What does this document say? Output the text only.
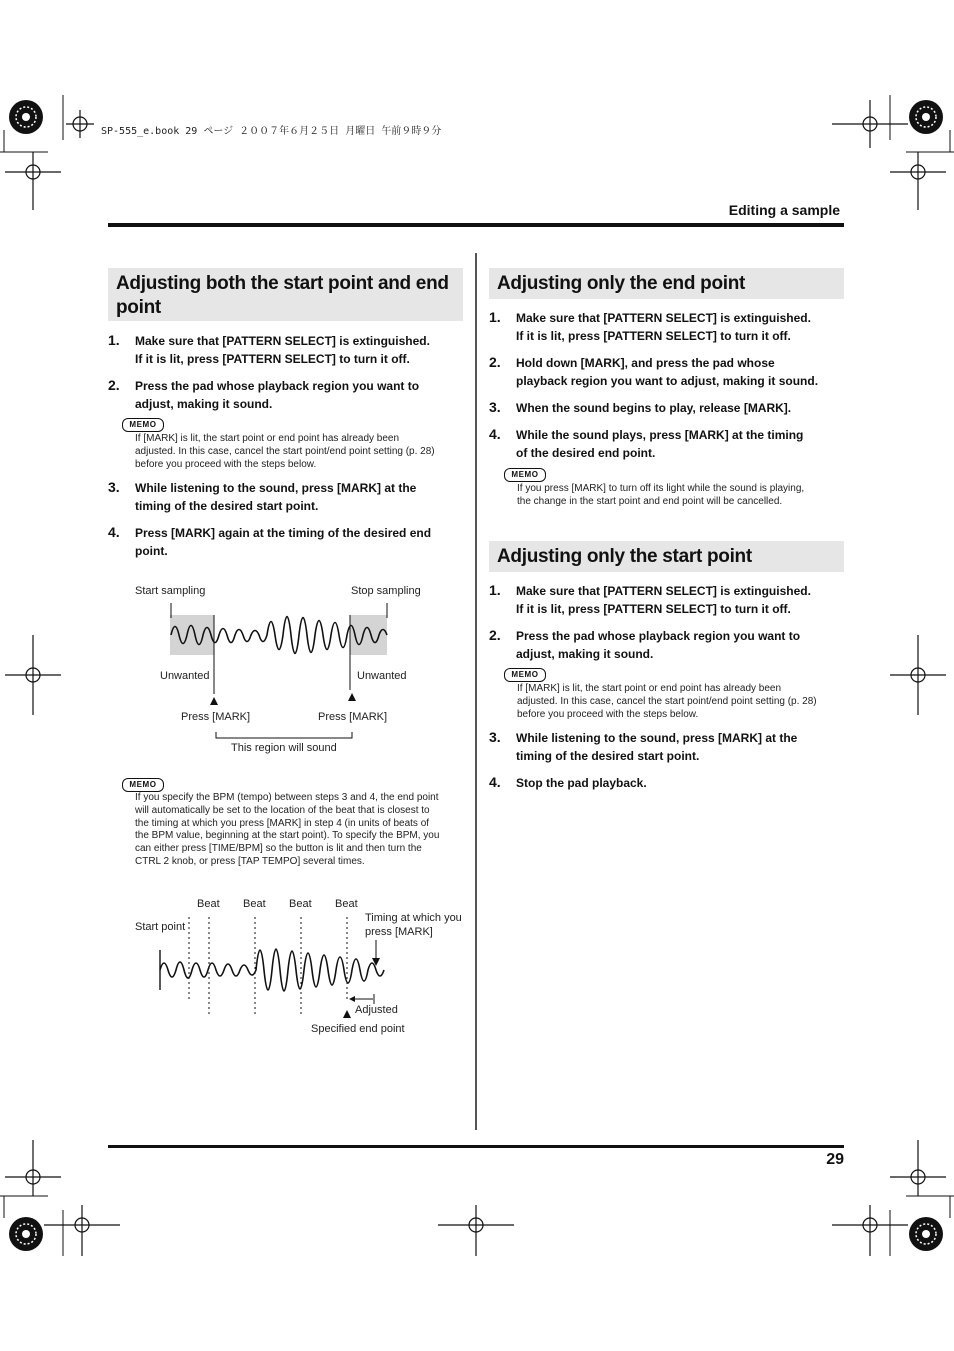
SP-555_e.book 29 ページ ２００７年６月２５日 月曜日 午前９時９分
Editing a sample
Adjusting both the start point and end point
1. Make sure that [PATTERN SELECT] is extinguished. If it is lit, press [PATTERN SELECT] to turn it off.
2. Press the pad whose playback region you want to adjust, making it sound.
MEMO
If [MARK] is lit, the start point or end point has already been adjusted. In this case, cancel the start point/end point setting (p. 28) before you proceed with the steps below.
3. While listening to the sound, press [MARK] at the timing of the desired start point.
4. Press [MARK] again at the timing of the desired end point.
Start sampling	Stop sampling
Unwanted	Unwanted
Press [MARK]	Press [MARK]
This region will sound
MEMO
If you specify the BPM (tempo) between steps 3 and 4, the end point will automatically be set to the location of the beat that is closest to the timing at which you press [MARK] in step 4 (in units of beats of the BPM value, beginning at the start point). To specify the BPM, you can either press [TIME/BPM] so the button is lit and then turn the CTRL 2 knob, or press [TAP TEMPO] several times.
Beat Beat Beat Beat
Start point
Timing at which you press [MARK]
Adjusted
Specified end point
Adjusting only the end point
1. Make sure that [PATTERN SELECT] is extinguished. If it is lit, press [PATTERN SELECT] to turn it off.
2. Hold down [MARK], and press the pad whose playback region you want to adjust, making it sound.
3. When the sound begins to play, release [MARK].
4. While the sound plays, press [MARK] at the timing of the desired end point.
MEMO
If you press [MARK] to turn off its light while the sound is playing, the change in the start point and end point will be cancelled.
Adjusting only the start point
1. Make sure that [PATTERN SELECT] is extinguished. If it is lit, press [PATTERN SELECT] to turn it off.
2. Press the pad whose playback region you want to adjust, making it sound.
MEMO
If [MARK] is lit, the start point or end point has already been adjusted. In this case, cancel the start point/end point setting (p. 28) before you proceed with the steps below.
3. While listening to the sound, press [MARK] at the timing of the desired start point.
4. Stop the pad playback.
29
